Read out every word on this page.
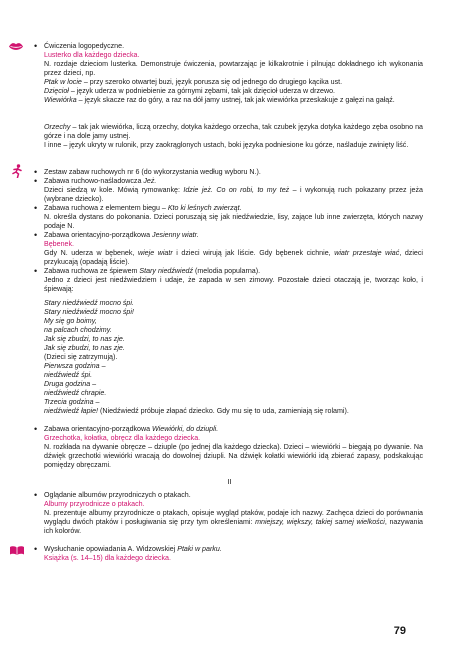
• Ćwiczenia logopedyczne.
Lusterko dla każdego dziecka.
N. rozdaje dzieciom lusterka. Demonstruje ćwiczenia, powtarzając je kilkakrotnie i pilnując dokładnego ich wykonania przez dzieci, np.
Ptak w locie – przy szeroko otwartej buzi, język porusza się od jednego do drugiego kącika ust.
Dzięcioł – język uderza w podniebienie za górnymi zębami, tak jak dzięcioł uderza w drzewo.
Wiewiórka – język skacze raz do góry, a raz na dół jamy ustnej, tak jak wiewiórka przeskakuje z gałęzi na gałąź.
Orzechy – tak jak wiewiórka, liczą orzechy, dotyka każdego orzecha, tak czubek języka dotyka każdego zęba osobno na górze i na dole jamy ustnej.
I inne – język ukryty w rulonik, przy zaokrąglonych ustach, boki języka podniesione ku górze, naśladuje zwinięty liść.
• Zestaw zabaw ruchowych nr 6 (do wykorzystania według wyboru N.).
• Zabawa ruchowo-naśladowcza Jeż.
Dzieci siedzą w kole. Mówią rymowankę: Idzie jeż. Co on robi, to my też – i wykonują ruch pokazany przez jeża (wybrane dziecko).
• Zabawa ruchowa z elementem biegu – Kto ki leśnych zwierząt.
N. określa dystans do pokonania. Dzieci poruszają się jak niedźwiedzie, lisy, zające lub inne zwierzęta, których nazwy podaje N.
• Zabawa orientacyjno-porządkowa Jesienny wiatr.
Bębenek.
Gdy N. uderza w bębenek, wieje wiatr i dzieci wirują jak liście. Gdy bębenek cichnie, wiatr przestaje wiać, dzieci przykucają (opadają liście).
• Zabawa ruchowa ze śpiewem Stary niedźwiedź (melodia popularna).
Jedno z dzieci jest niedźwiedziem i udaje, że zapada w sen zimowy. Pozostałe dzieci otaczają je, tworząc koło, i śpiewają:
Stary niedźwiedź mocno śpi.
Stary niedźwiedź mocno śpi!
My się go boimy,
na palcach chodzimy.
Jak się zbudzi, to nas zje.
Jak się zbudzi, to nas zje.
(Dzieci się zatrzymują).
Pierwsza godzina –
niedźwiedź śpi.
Druga godzina –
niedźwiedź chrapie.
Trzecia godzina –
niedźwiedź łapie! (Niedźwiedź próbuje złapać dziecko. Gdy mu się to uda, zamieniają się rolami).
• Zabawa orientacyjno-porządkowa Wiewiórki, do dziupli.
Grzechotka, kołatka, obręcz dla każdego dziecka.
N. rozkłada na dywanie obręcze – dziuple (po jednej dla każdego dziecka). Dzieci – wiewiórki – biegają po dywanie. Na dźwięk grzechotki wiewiórki wracają do dowolnej dziupli. Na dźwięk kołatki wiewiórki idą zbierać zapasy, podskakując pomiędzy obręczami.
II
• Oglądanie albumów przyrodniczych o ptakach.
Albumy przyrodnicze o ptakach.
N. prezentuje albumy przyrodnicze o ptakach, opisuje wygląd ptaków, podaje ich nazwy. Zachęca dzieci do porównania wyglądu dwóch ptaków i posługiwania się przy tym określeniami: mniejszy, większy, takiej samej wielkości, nazywania ich kolorów.
• Wysłuchanie opowiadania A. Widzowskiej Ptaki w parku.
Książka (s. 14–15) dla każdego dziecka.
79
